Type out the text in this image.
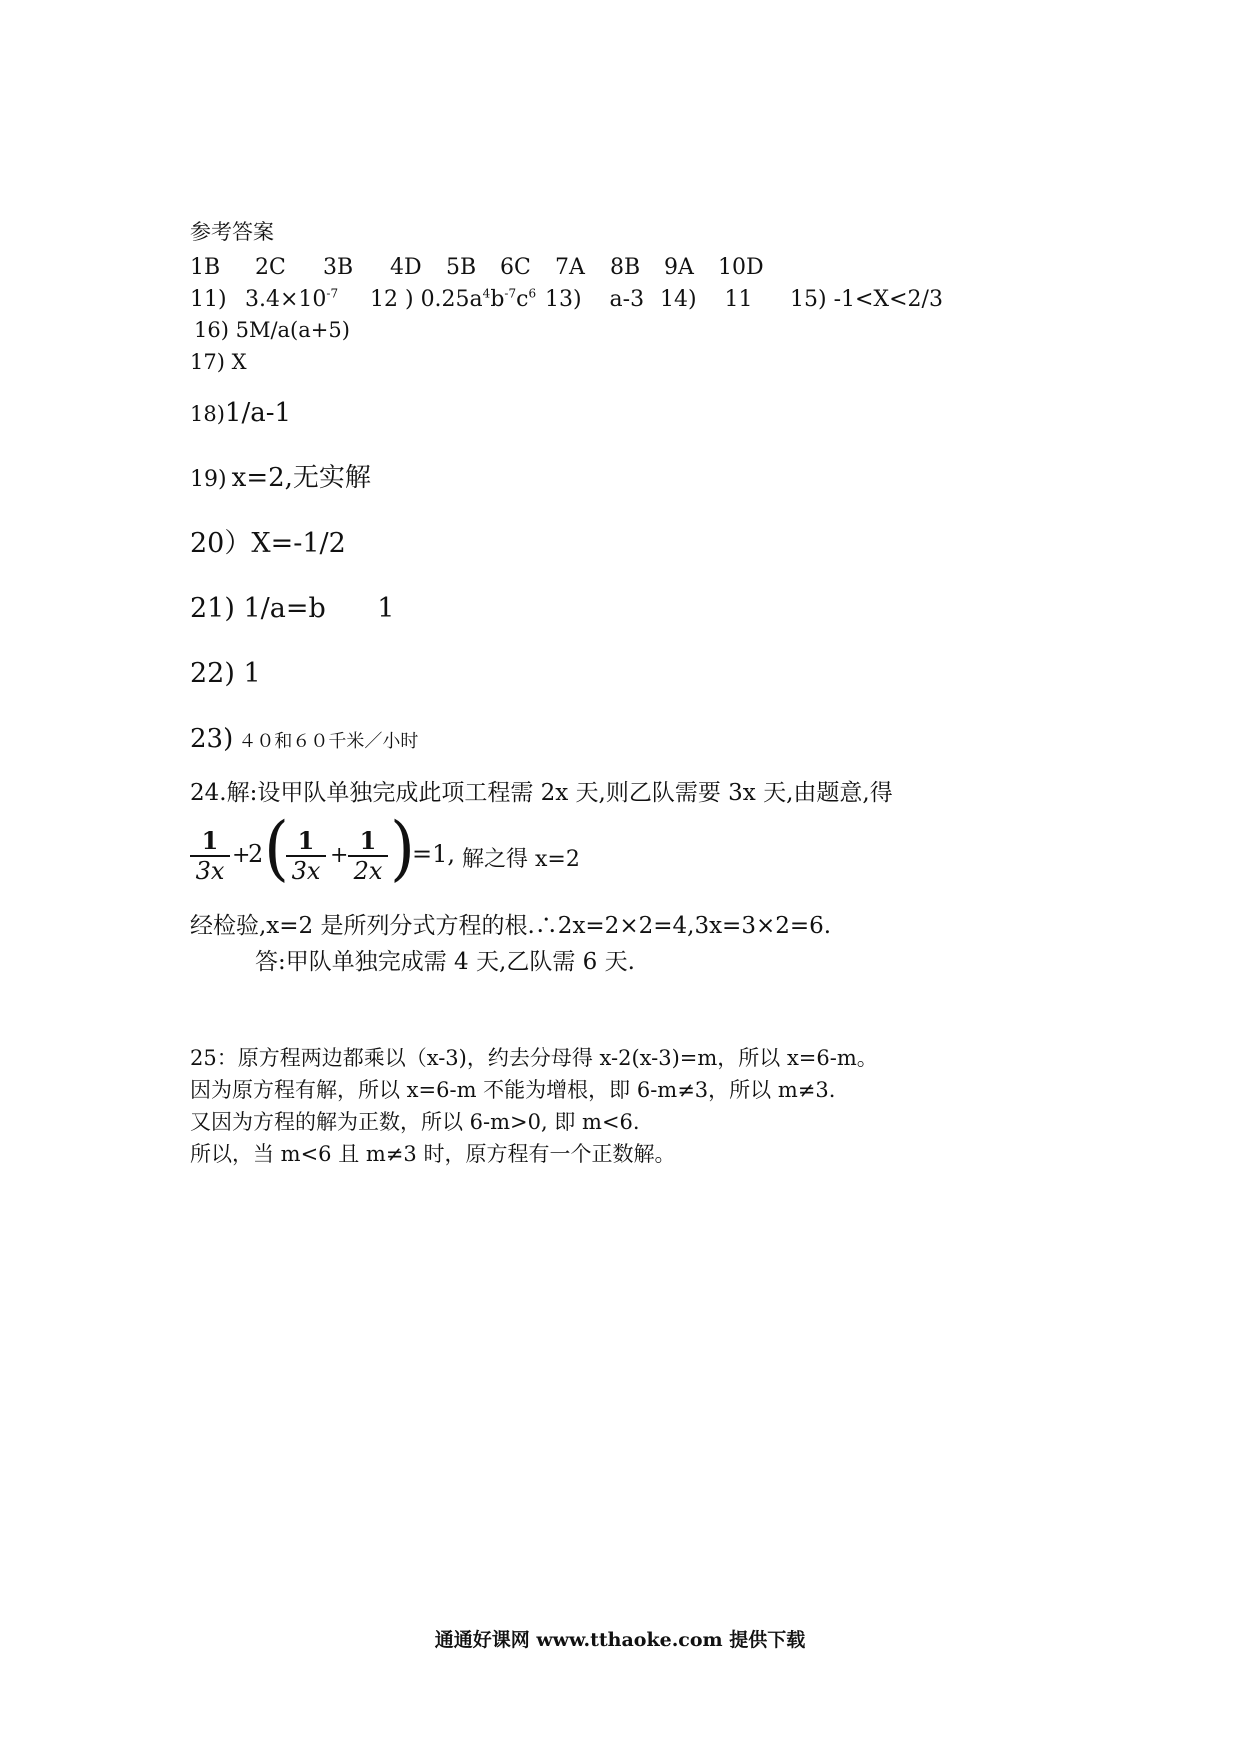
参考答案
1B 2C 3B 4D 5B 6C 7A 8B 9A 10D
11) $3.4\times 10^{-7}$ 12 ) $0.25a^4b^{-7}c^6$ 13)    a-3 14)    11 15) -1<X<2/3
16) 5M/a(a+5)
17) X
18)1/a-1
19) x=2,无实解
20）X=-1/2
21) 1/a=b      1
22) 1
23) ４０和６０千米／小时
24.解:设甲队单独完成此项工程需 2x 天,则乙队需要 3x 天,由题意,得
1
3x
+
2 ( 1
3x
+
1
2x )
=1, 解之得 x=2
经检验,x=2 是所列分式方程的根.∴2x=2×2=4,3x=3×2=6.
答:甲队单独完成需 4 天,乙队需 6 天.
25：原方程两边都乘以（x-3)，约去分母得 x-2(x-3)=m，所以 x=6-m。
因为原方程有解，所以 x=6-m 不能为增根，即 6-m≠3，所以 m≠3.
又因为方程的解为正数，所以 6-m>0, 即 m<6.
所以，当 m<6 且 m≠3 时，原方程有一个正数解。
通通好课网 www.tthaoke.com 提供下载
